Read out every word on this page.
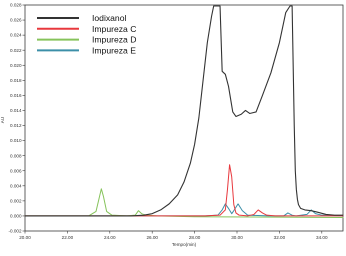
-0.002
0.000
0.002
0.004
0.006
0.008
0.010
0.012
0.014
0.016
0.018
0.020
0.022
0.024
0.026
0.028
20.00	22.00	24.00	26.00	28.00	30.00	32.00	34.00
AU
Tempo(min)
Iodixanol
Impureza C
Impureza D
Impureza E
